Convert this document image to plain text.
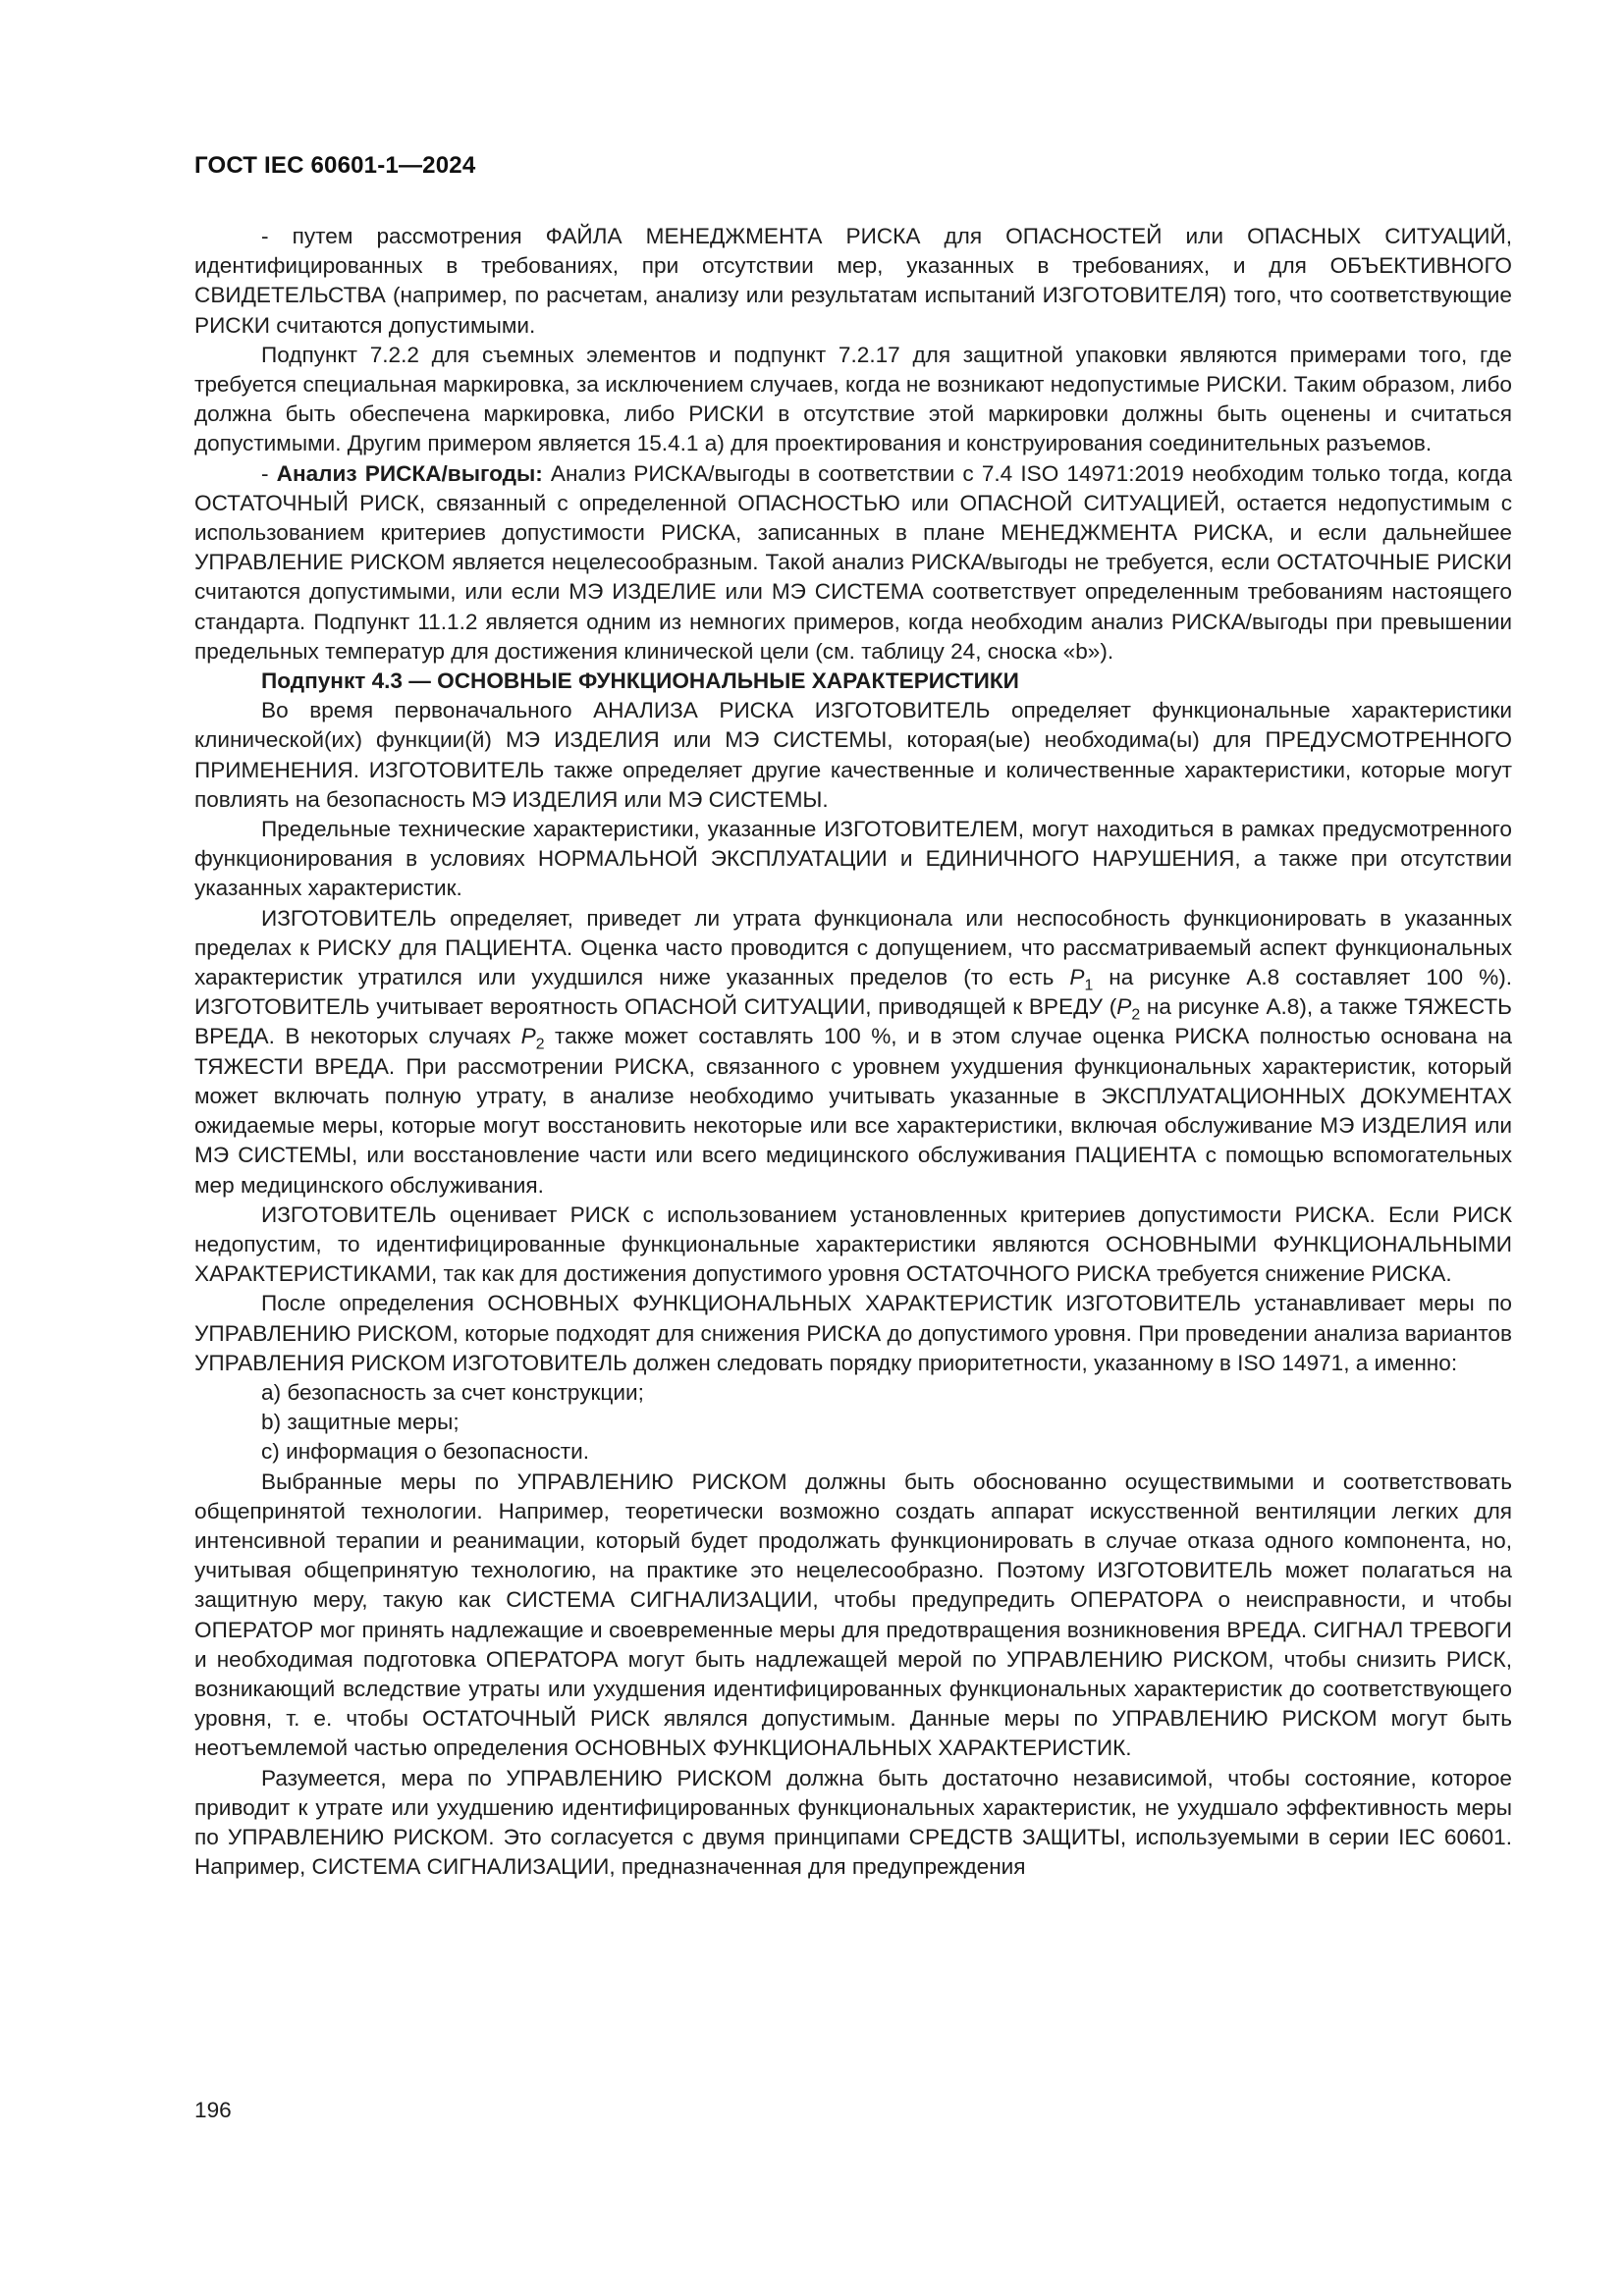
ГОСТ IEC 60601-1—2024

- путем рассмотрения ФАЙЛА МЕНЕДЖМЕНТА РИСКА для ОПАСНОСТЕЙ или ОПАСНЫХ СИТУАЦИЙ, идентифицированных в требованиях, при отсутствии мер, указанных в требованиях, и для ОБЪЕКТИВНОГО СВИДЕТЕЛЬСТВА (например, по расчетам, анализу или результатам испытаний ИЗГОТОВИТЕЛЯ) того, что соответствующие РИСКИ считаются допустимыми.

Подпункт 7.2.2 для съемных элементов и подпункт 7.2.17 для защитной упаковки являются примерами того, где требуется специальная маркировка, за исключением случаев, когда не возникают недопустимые РИСКИ. Таким образом, либо должна быть обеспечена маркировка, либо РИСКИ в отсутствие этой маркировки должны быть оценены и считаться допустимыми. Другим примером является 15.4.1 а) для проектирования и конструирования соединительных разъемов.

- Анализ РИСКА/выгоды: Анализ РИСКА/выгоды в соответствии с 7.4 ISO 14971:2019 необходим только тогда, когда ОСТАТОЧНЫЙ РИСК, связанный с определенной ОПАСНОСТЬЮ или ОПАСНОЙ СИТУАЦИЕЙ, остается недопустимым с использованием критериев допустимости РИСКА, записанных в плане МЕНЕДЖМЕНТА РИСКА, и если дальнейшее УПРАВЛЕНИЕ РИСКОМ является нецелесообразным. Такой анализ РИСКА/выгоды не требуется, если ОСТАТОЧНЫЕ РИСКИ считаются допустимыми, или если МЭ ИЗДЕЛИЕ или МЭ СИСТЕМА соответствует определенным требованиям настоящего стандарта. Подпункт 11.1.2 является одним из немногих примеров, когда необходим анализ РИСКА/выгоды при превышении предельных температур для достижения клинической цели (см. таблицу 24, сноска «b»).

Подпункт 4.3 — ОСНОВНЫЕ ФУНКЦИОНАЛЬНЫЕ ХАРАКТЕРИСТИКИ

Во время первоначального АНАЛИЗА РИСКА ИЗГОТОВИТЕЛЬ определяет функциональные характеристики клинической(их) функции(й) МЭ ИЗДЕЛИЯ или МЭ СИСТЕМЫ, которая(ые) необходима(ы) для ПРЕДУСМОТРЕННОГО ПРИМЕНЕНИЯ. ИЗГОТОВИТЕЛЬ также определяет другие качественные и количественные характеристики, которые могут повлиять на безопасность МЭ ИЗДЕЛИЯ или МЭ СИСТЕМЫ.

Предельные технические характеристики, указанные ИЗГОТОВИТЕЛЕМ, могут находиться в рамках предусмотренного функционирования в условиях НОРМАЛЬНОЙ ЭКСПЛУАТАЦИИ и ЕДИНИЧНОГО НАРУШЕНИЯ, а также при отсутствии указанных характеристик.

ИЗГОТОВИТЕЛЬ определяет, приведет ли утрата функционала или неспособность функционировать в указанных пределах к РИСКУ для ПАЦИЕНТА. Оценка часто проводится с допущением, что рассматриваемый аспект функциональных характеристик утратился или ухудшился ниже указанных пределов (то есть $P_1$ на рисунке А.8 составляет 100 %). ИЗГОТОВИТЕЛЬ учитывает вероятность ОПАСНОЙ СИТУАЦИИ, приводящей к ВРЕДУ ($P_2$ на рисунке А.8), а также ТЯЖЕСТЬ ВРЕДА. В некоторых случаях $P_2$ также может составлять 100 %, и в этом случае оценка РИСКА полностью основана на ТЯЖЕСТИ ВРЕДА. При рассмотрении РИСКА, связанного с уровнем ухудшения функциональных характеристик, который может включать полную утрату, в анализе необходимо учитывать указанные в ЭКСПЛУАТАЦИОННЫХ ДОКУМЕНТАХ ожидаемые меры, которые могут восстановить некоторые или все характеристики, включая обслуживание МЭ ИЗДЕЛИЯ или МЭ СИСТЕМЫ, или восстановление части или всего медицинского обслуживания ПАЦИЕНТА с помощью вспомогательных мер медицинского обслуживания.

ИЗГОТОВИТЕЛЬ оценивает РИСК с использованием установленных критериев допустимости РИСКА. Если РИСК недопустим, то идентифицированные функциональные характеристики являются ОСНОВНЫМИ ФУНКЦИОНАЛЬНЫМИ ХАРАКТЕРИСТИКАМИ, так как для достижения допустимого уровня ОСТАТОЧНОГО РИСКА требуется снижение РИСКА.

После определения ОСНОВНЫХ ФУНКЦИОНАЛЬНЫХ ХАРАКТЕРИСТИК ИЗГОТОВИТЕЛЬ устанавливает меры по УПРАВЛЕНИЮ РИСКОМ, которые подходят для снижения РИСКА до допустимого уровня. При проведении анализа вариантов УПРАВЛЕНИЯ РИСКОМ ИЗГОТОВИТЕЛЬ должен следовать порядку приоритетности, указанному в ISO 14971, а именно:

a) безопасность за счет конструкции;

b) защитные меры;

c) информация о безопасности.

Выбранные меры по УПРАВЛЕНИЮ РИСКОМ должны быть обоснованно осуществимыми и соответствовать общепринятой технологии. Например, теоретически возможно создать аппарат искусственной вентиляции легких для интенсивной терапии и реанимации, который будет продолжать функционировать в случае отказа одного компонента, но, учитывая общепринятую технологию, на практике это нецелесообразно. Поэтому ИЗГОТОВИТЕЛЬ может полагаться на защитную меру, такую как СИСТЕМА СИГНАЛИЗАЦИИ, чтобы предупредить ОПЕРАТОРА о неисправности, и чтобы ОПЕРАТОР мог принять надлежащие и своевременные меры для предотвращения возникновения ВРЕДА. СИГНАЛ ТРЕВОГИ и необходимая подготовка ОПЕРАТОРА могут быть надлежащей мерой по УПРАВЛЕНИЮ РИСКОМ, чтобы снизить РИСК, возникающий вследствие утраты или ухудшения идентифицированных функциональных характеристик до соответствующего уровня, т. е. чтобы ОСТАТОЧНЫЙ РИСК являлся допустимым. Данные меры по УПРАВЛЕНИЮ РИСКОМ могут быть неотъемлемой частью определения ОСНОВНЫХ ФУНКЦИОНАЛЬНЫХ ХАРАКТЕРИСТИК.

Разумеется, мера по УПРАВЛЕНИЮ РИСКОМ должна быть достаточно независимой, чтобы состояние, которое приводит к утрате или ухудшению идентифицированных функциональных характеристик, не ухудшало эффективность меры по УПРАВЛЕНИЮ РИСКОМ. Это согласуется с двумя принципами СРЕДСТВ ЗАЩИТЫ, используемыми в серии IEC 60601. Например, СИСТЕМА СИГНАЛИЗАЦИИ, предназначенная для предупреждения

196
